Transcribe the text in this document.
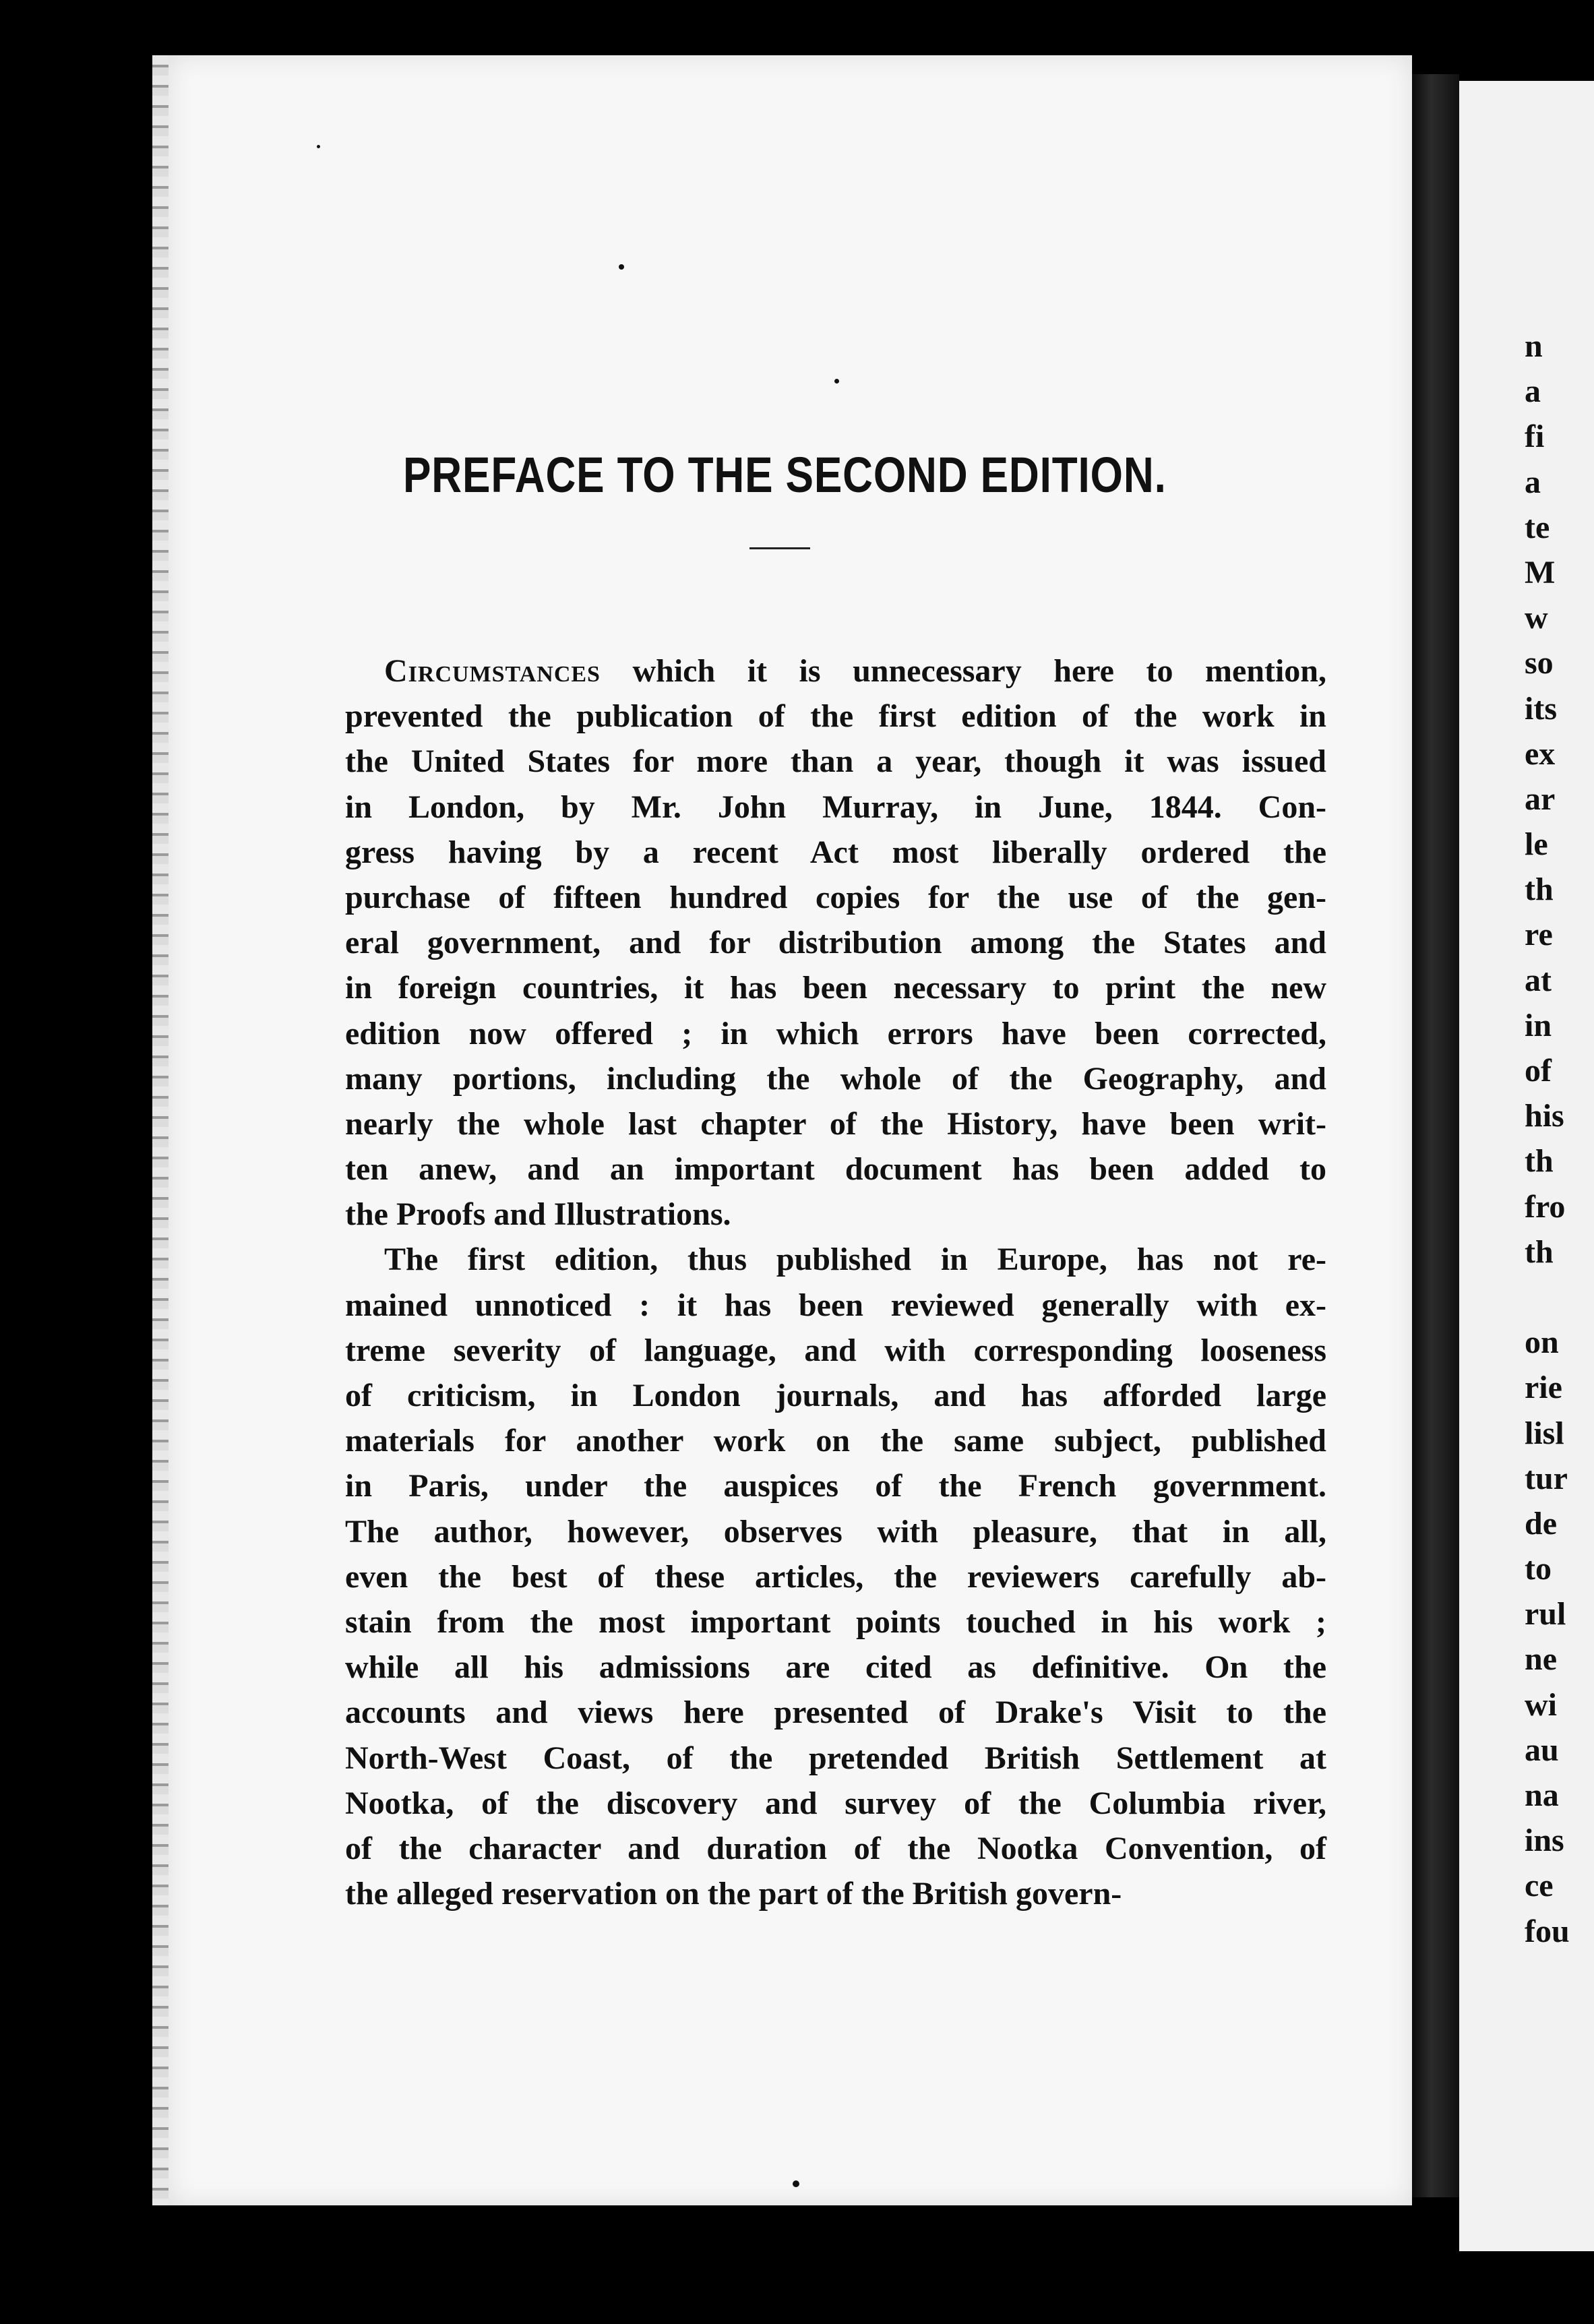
PREFACE TO THE SECOND EDITION.
Circumstances which it is unnecessary here to mention,
prevented the publication of the first edition of the work in
the United States for more than a year, though it was issued
in London, by Mr. John Murray, in June, 1844. Con-
gress having by a recent Act most liberally ordered the
purchase of fifteen hundred copies for the use of the gen-
eral government, and for distribution among the States and
in foreign countries, it has been necessary to print the new
edition now offered ; in which errors have been corrected,
many portions, including the whole of the Geography, and
nearly the whole last chapter of the History, have been writ-
ten anew, and an important document has been added to
the Proofs and Illustrations.
The first edition, thus published in Europe, has not re-
mained unnoticed : it has been reviewed generally with ex-
treme severity of language, and with corresponding looseness
of criticism, in London journals, and has afforded large
materials for another work on the same subject, published
in Paris, under the auspices of the French government.
The author, however, observes with pleasure, that in all,
even the best of these articles, the reviewers carefully ab-
stain from the most important points touched in his work ;
while all his admissions are cited as definitive. On the
accounts and views here presented of Drake's Visit to the
North-West Coast, of the pretended British Settlement at
Nootka, of the discovery and survey of the Columbia river,
of the character and duration of the Nootka Convention, of
the alleged reservation on the part of the British govern-
n
a
fi
a
te
M
w
so
its
ex
ar
le
th
re
at
in
of
his
th
fro
th
on
rie
lisl
tur
de
to
rul
ne
wi
au
na
ins
ce
fou
